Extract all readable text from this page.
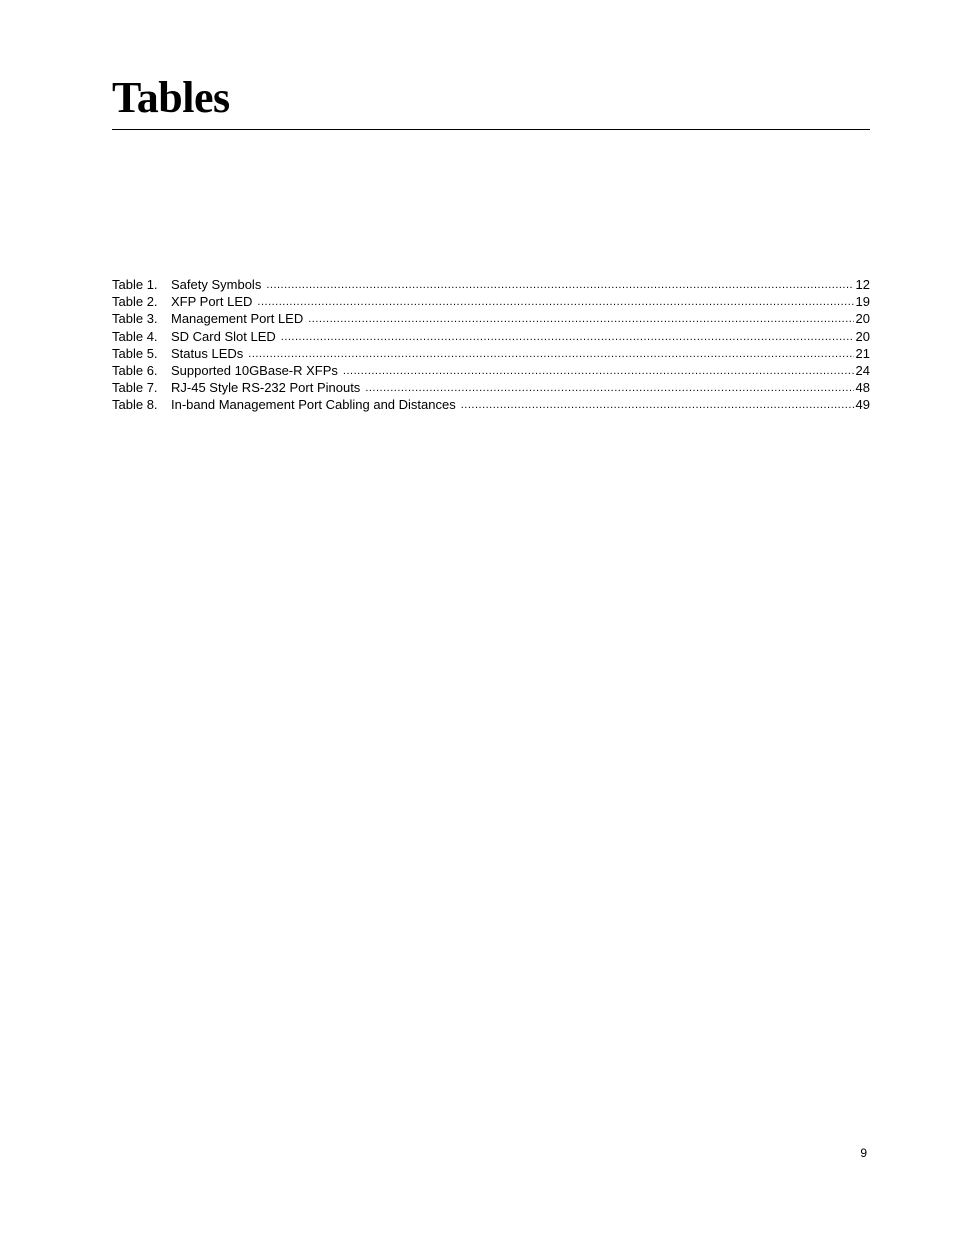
Tables
Table 1.	Safety Symbols .....	12
Table 2.	XFP Port LED .....	19
Table 3.	Management Port LED .....	20
Table 4.	SD Card Slot LED .....	20
Table 5.	Status LEDs .....	21
Table 6.	Supported 10GBase-R XFPs .....	24
Table 7.	RJ-45 Style RS-232 Port Pinouts .....	48
Table 8.	In-band Management Port Cabling and Distances .....	49
9
